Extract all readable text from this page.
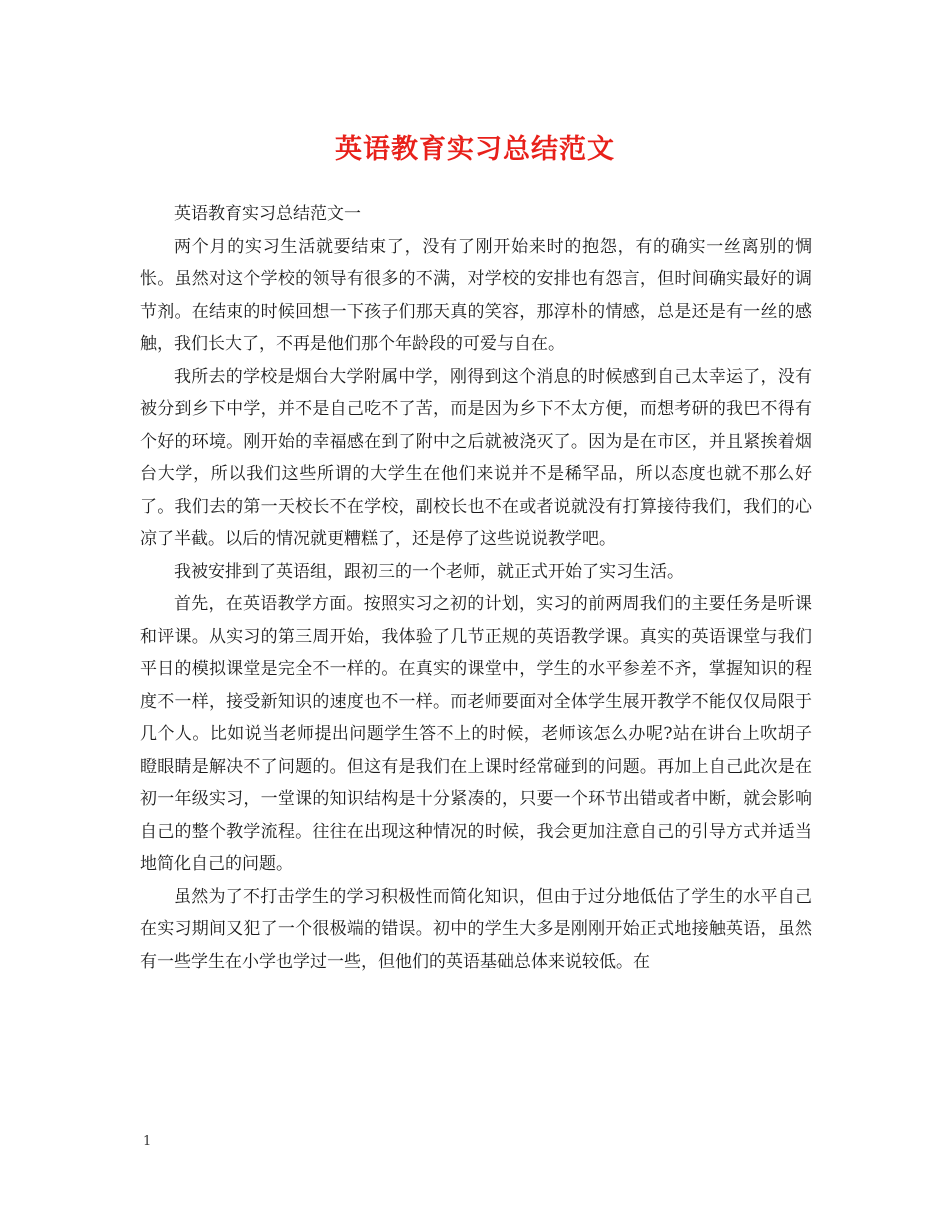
英语教育实习总结范文

英语教育实习总结范文一

两个月的实习生活就要结束了，没有了刚开始来时的抱怨，有的确实一丝离别的惆怅。虽然对这个学校的领导有很多的不满，对学校的安排也有怨言，但时间确实最好的调节剂。在结束的时候回想一下孩子们那天真的笑容，那淳朴的情感，总是还是有一丝的感触，我们长大了，不再是他们那个年龄段的可爱与自在。

我所去的学校是烟台大学附属中学，刚得到这个消息的时候感到自己太幸运了，没有被分到乡下中学，并不是自己吃不了苦，而是因为乡下不太方便，而想考研的我巴不得有个好的环境。刚开始的幸福感在到了附中之后就被浇灭了。因为是在市区，并且紧挨着烟台大学，所以我们这些所谓的大学生在他们来说并不是稀罕品，所以态度也就不那么好了。我们去的第一天校长不在学校，副校长也不在或者说就没有打算接待我们，我们的心凉了半截。以后的情况就更糟糕了，还是停了这些说说教学吧。

我被安排到了英语组，跟初三的一个老师，就正式开始了实习生活。

首先，在英语教学方面。按照实习之初的计划，实习的前两周我们的主要任务是听课和评课。从实习的第三周开始，我体验了几节正规的英语教学课。真实的英语课堂与我们平日的模拟课堂是完全不一样的。在真实的课堂中，学生的水平参差不齐，掌握知识的程度不一样，接受新知识的速度也不一样。而老师要面对全体学生展开教学不能仅仅局限于几个人。比如说当老师提出问题学生答不上的时候，老师该怎么办呢?站在讲台上吹胡子瞪眼睛是解决不了问题的。但这有是我们在上课时经常碰到的问题。再加上自己此次是在初一年级实习，一堂课的知识结构是十分紧凑的，只要一个环节出错或者中断，就会影响自己的整个教学流程。往往在出现这种情况的时候，我会更加注意自己的引导方式并适当地简化自己的问题。

虽然为了不打击学生的学习积极性而简化知识，但由于过分地低估了学生的水平自己在实习期间又犯了一个很极端的错误。初中的学生大多是刚刚开始正式地接触英语，虽然有一些学生在小学也学过一些，但他们的英语基础总体来说较低。在

1
